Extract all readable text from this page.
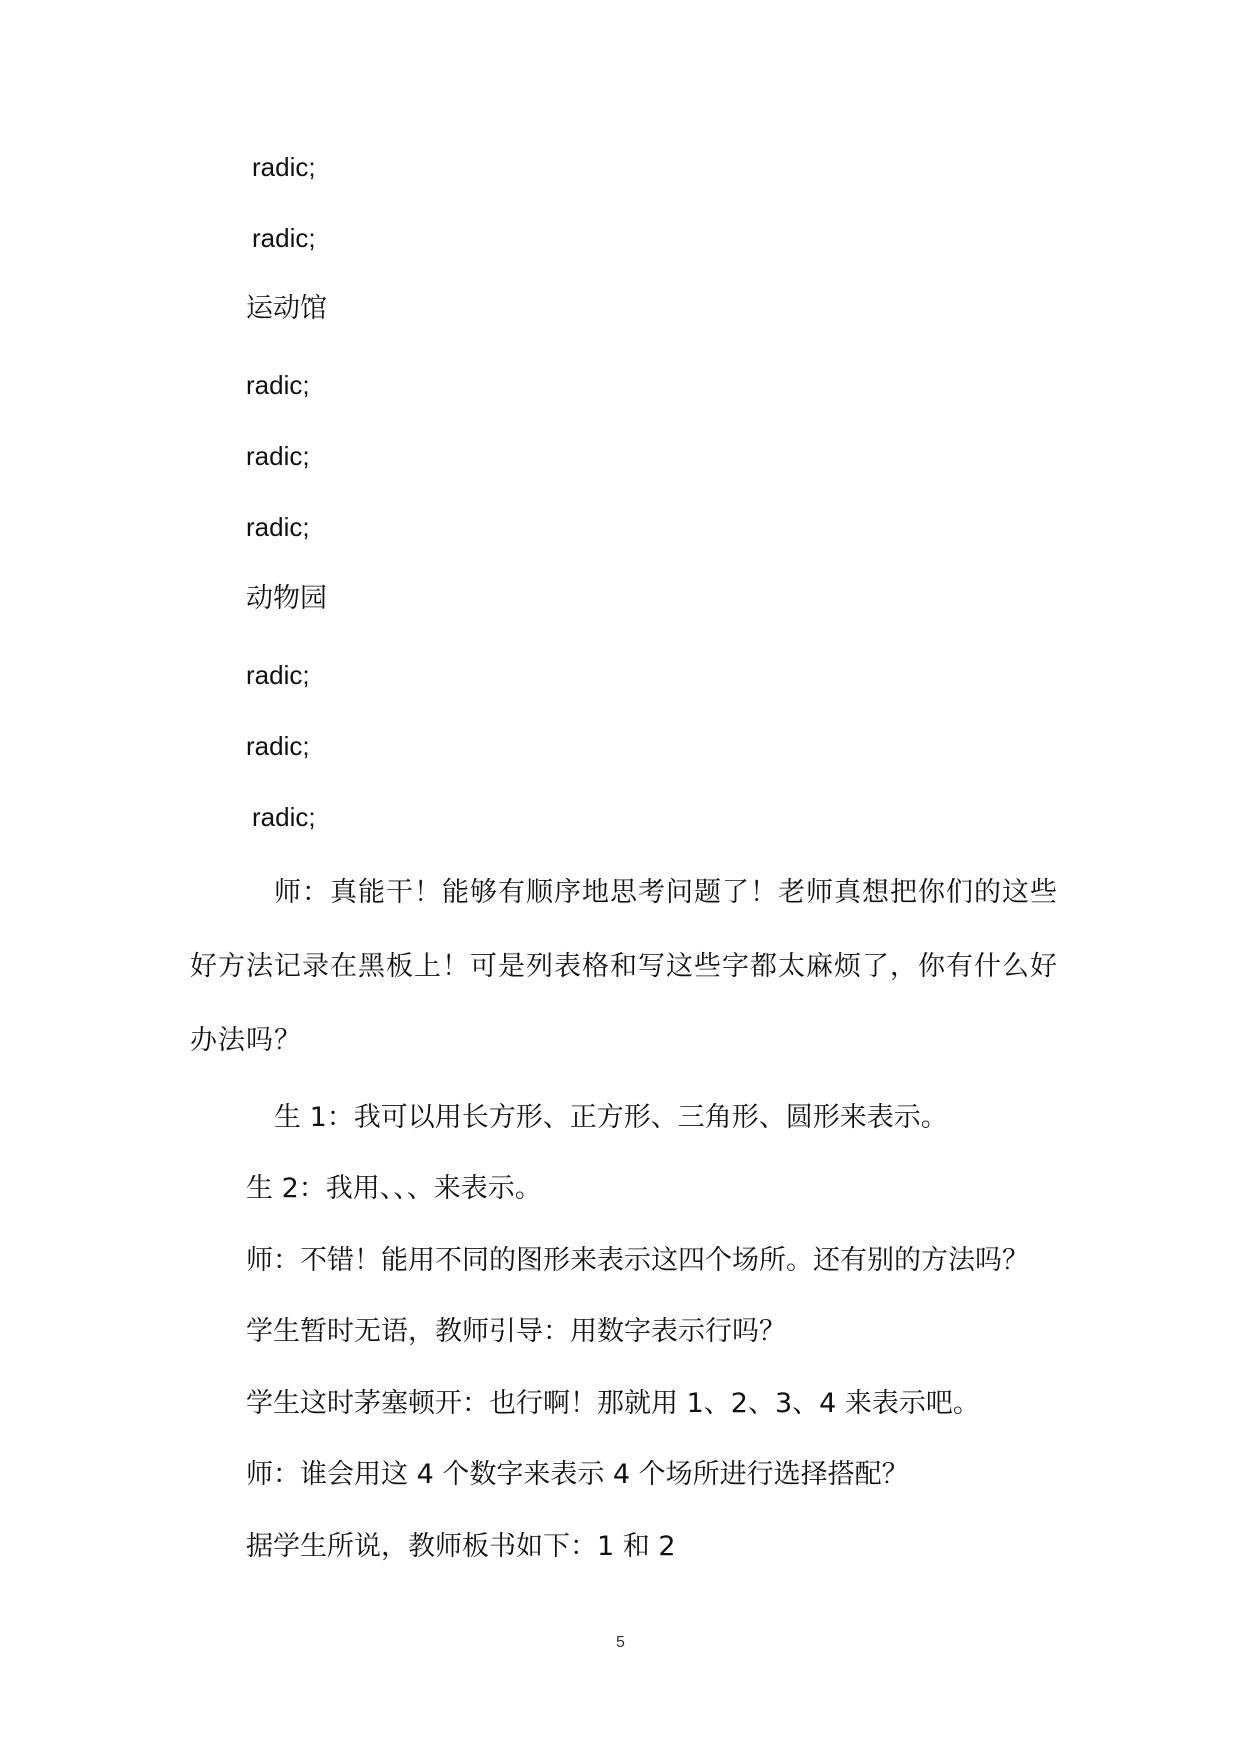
radic;
radic;
运动馆
radic;
radic;
radic;
动物园
radic;
radic;
radic;
师：真能干！能够有顺序地思考问题了！老师真想把你们的这些好方法记录在黑板上！可是列表格和写这些字都太麻烦了，你有什么好办法吗？
生 1：我可以用长方形、正方形、三角形、圆形来表示。
生 2：我用、、、来表示。
师：不错！能用不同的图形来表示这四个场所。还有别的方法吗？
学生暂时无语，教师引导：用数字表示行吗？
学生这时茅塞顿开：也行啊！那就用 1、2、3、4 来表示吧。
师：谁会用这 4 个数字来表示 4 个场所进行选择搭配？
据学生所说，教师板书如下：1 和 2
5
